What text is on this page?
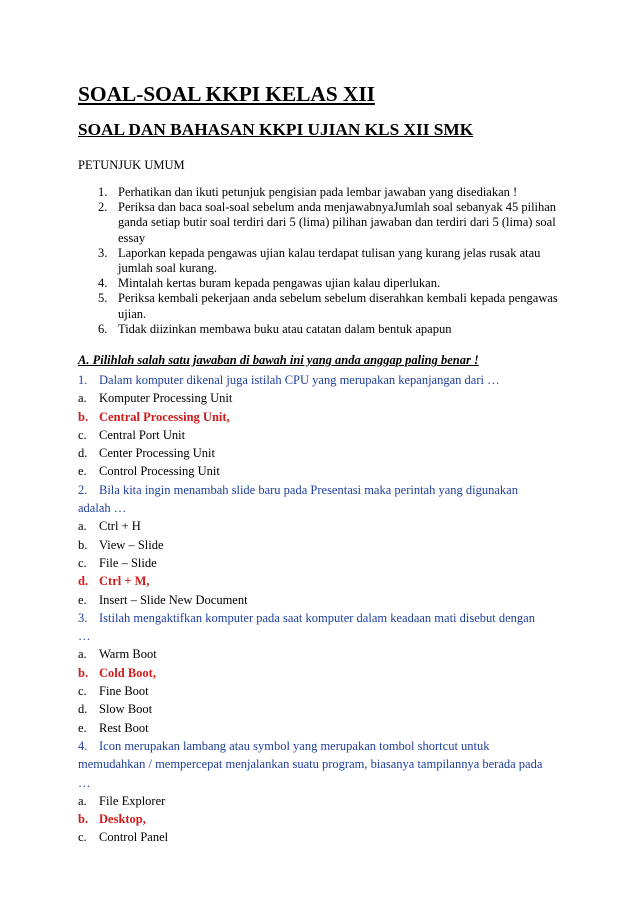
SOAL-SOAL KKPI KELAS XII
SOAL DAN BAHASAN KKPI UJIAN KLS XII SMK
PETUNJUK UMUM
1. Perhatikan dan ikuti petunjuk pengisian pada lembar jawaban yang disediakan !
2. Periksa dan baca soal-soal sebelum anda menjawabnyaJumlah soal sebanyak 45 pilihan ganda setiap butir soal terdiri dari 5 (lima) pilihan jawaban dan terdiri dari 5 (lima) soal essay
3. Laporkan kepada pengawas ujian kalau terdapat tulisan yang kurang jelas rusak atau jumlah soal kurang.
4. Mintalah kertas buram kepada pengawas ujian kalau diperlukan.
5. Periksa kembali pekerjaan anda sebelum sebelum diserahkan kembali kepada pengawas ujian.
6. Tidak diizinkan membawa buku atau catatan dalam bentuk apapun
A. Pilihlah salah satu jawaban di bawah ini yang anda anggap paling benar !
1. Dalam komputer dikenal juga istilah CPU yang merupakan kepanjangan dari …
a. Komputer Processing Unit
b. Central Processing Unit,
c. Central Port Unit
d. Center Processing Unit
e. Control Processing Unit
2. Bila kita ingin menambah slide baru pada Presentasi maka perintah yang digunakan
adalah …
a. Ctrl + H
b. View – Slide
c. File – Slide
d. Ctrl + M,
e. Insert – Slide New Document
3. Istilah mengaktifkan komputer pada saat komputer dalam keadaan mati disebut dengan
…
a. Warm Boot
b. Cold Boot,
c. Fine Boot
d. Slow Boot
e. Rest Boot
4. Icon merupakan lambang atau symbol yang merupakan tombol shortcut untuk
memudahkan / mempercepat menjalankan suatu program, biasanya tampilannya berada pada
…
a. File Explorer
b. Desktop,
c. Control Panel
